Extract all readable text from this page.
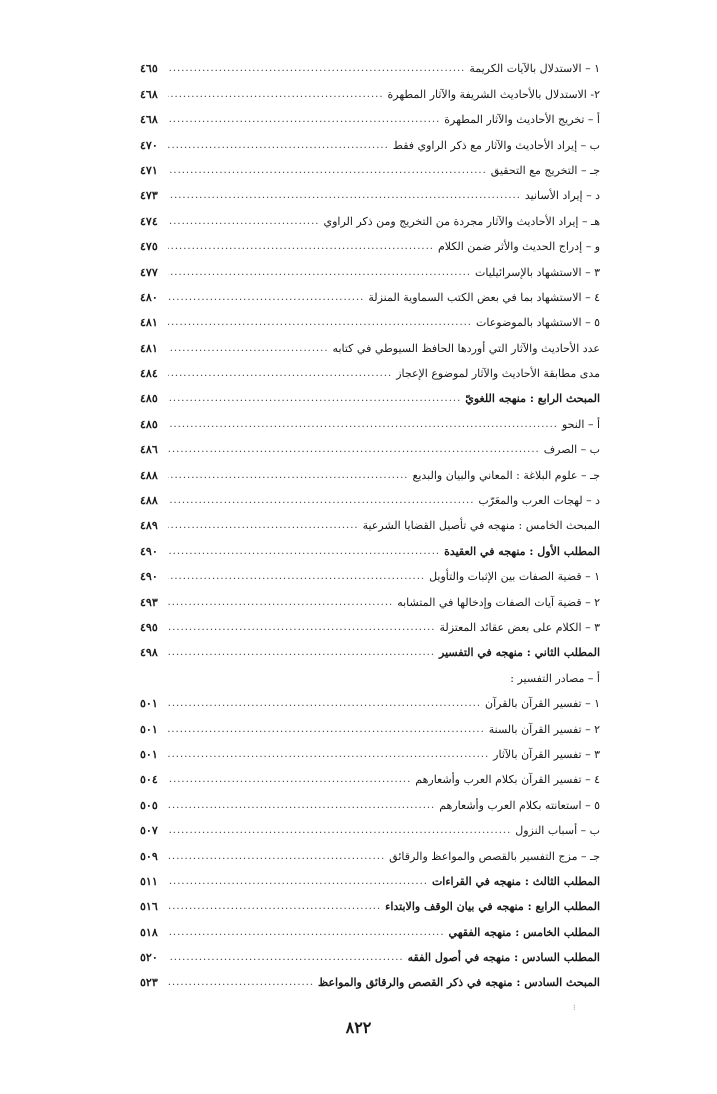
١ – الاستدلال بالآيات الكريمة
.....
٤٦٥
٢- الاستدلال بالأحاديث الشريفة والآثار المطهرة
.....
٤٦٨
أ – تخريج الأحاديث والآثار المطهرة
.....
٤٦٨
ب – إيراد الأحاديث والآثار مع ذكر الراوي فقط
.....
٤٧٠
جـ – التخريج مع التحقيق
.....
٤٧١
د – إيراد الأسانيد
.....
٤٧٣
هـ – إيراد الأحاديث والآثار مجردة من التخريج ومن ذكر الراوي
.....
٤٧٤
و – إدراج الحديث والأثر ضمن الكلام
.....
٤٧٥
٣ – الاستشهاد بالإسرائيليات
.....
٤٧٧
٤ – الاستشهاد بما في بعض الكتب السماوية المنزلة
.....
٤٨٠
٥ – الاستشهاد بالموضوعات
.....
٤٨١
عدد الأحاديث والآثار التي أوردها الحافظ السيوطي في كتابه
.....
٤٨١
مدى مطابقة الأحاديث والآثار لموضوع الإعجاز
.....
٤٨٤
المبحث الرابع : منهجه اللغويّ
.....
٤٨٥
أ – النحو
.....
٤٨٥
ب – الصرف
.....
٤٨٦
جـ – علوم البلاغة : المعاني والبيان والبديع
.....
٤٨٨
د – لهجات العرب والمعَرّب
.....
٤٨٨
المبحث الخامس : منهجه في تأصيل القضايا الشرعية
.....
٤٨٩
المطلب الأول : منهجه في العقيدة
.....
٤٩٠
١ – قضية الصفات بين الإثبات والتأويل
.....
٤٩٠
٢ – قضية آيات الصفات وإدخالها في المتشابه
.....
٤٩٣
٣ – الكلام على بعض عقائد المعتزلة
.....
٤٩٥
المطلب الثاني : منهجه في التفسير
.....
٤٩٨
أ – مصادر التفسير :
١ – تفسير القرآن بالقرآن
.....
٥٠١
٢ – تفسير القرآن بالسنة
.....
٥٠١
٣ – تفسير القرآن بالآثار
.....
٥٠١
٤ – تفسير القرآن بكلام العرب وأشعارهم
.....
٥٠٤
٥ – استعانته بكلام العرب وأشعارهم
.....
٥٠٥
ب – أسباب النزول
.....
٥٠٧
جـ – مزج التفسير بالقصص والمواعظ والرقائق
.....
٥٠٩
المطلب الثالث : منهجه في القراءات
.....
٥١١
المطلب الرابع : منهجه في بيان الوقف والابتداء
.....
٥١٦
المطلب الخامس : منهجه الفقهي
.....
٥١٨
المطلب السادس : منهجه في أصول الفقه
.....
٥٢٠
المبحث السادس : منهجه في ذكر القصص والرقائق والمواعظ
.....
٥٢٣
⁝
٨٢٢
